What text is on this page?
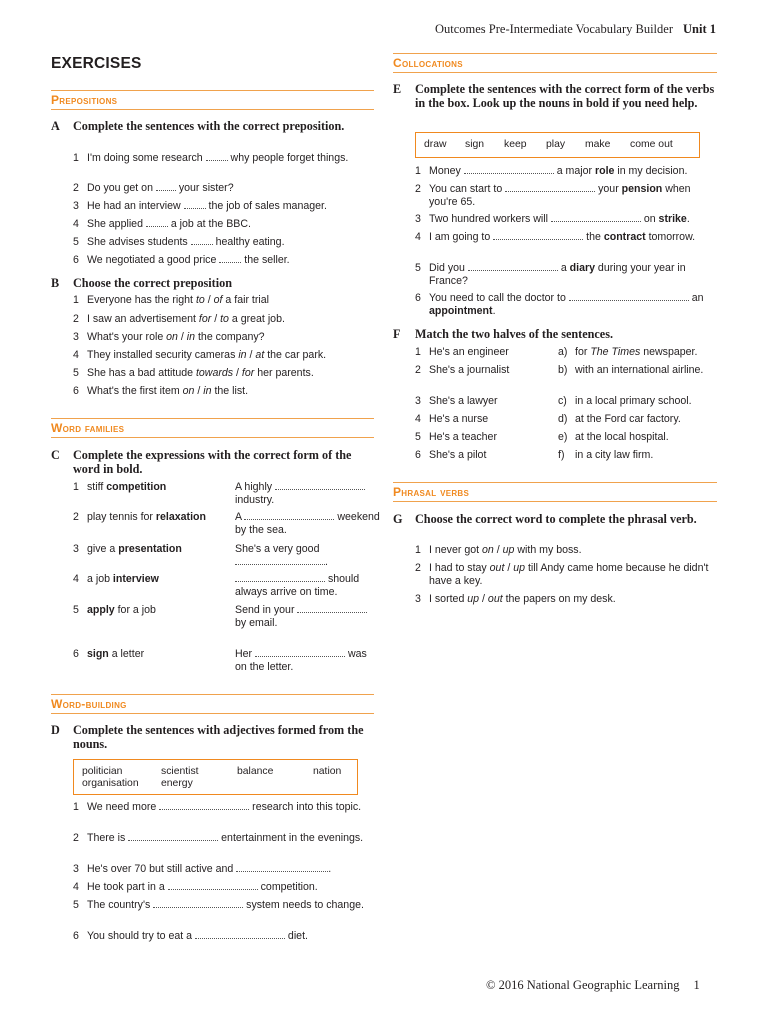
Outcomes Pre-Intermediate Vocabulary Builder Unit 1
EXERCISES
Prepositions
A	Complete the sentences with the correct preposition.
1 I'm doing some research  why people forget things.
2 Do you get on  your sister?
3 He had an interview  the job of sales manager.
4 She applied  a job at the BBC.
5 She advises students  healthy eating.
6 We negotiated a good price  the seller.
B	Choose the correct preposition
1 Everyone has the right to / of a fair trial
2 I saw an advertisement for / to a great job.
3 What's your role on / in the company?
4 They installed security cameras in / at the car park.
5 She has a bad attitude towards / for her parents.
6 What's the first item on / in the list.
Word families
C	Complete the expressions with the correct form of the word in bold.
1 stiff competition	A highly  industry.
2 play tennis for relaxation	A	weekend by the sea.
3 give a presentation	She's a very good .
4 a job interview	should always arrive on time.
5 apply for a job	Send in your  by email.
6 sign a letter	Her	was on the letter.
Word-building
D	Complete the sentences with adjectives formed from the nouns.
politician	scientist	balance	nation
organisation energy
1 We need more	research into this topic.
2 There is	entertainment in the evenings.
3 He's over 70 but still active and	.
4 He took part in a	competition.
5 The country's	system needs to change.
6 You should try to eat a	diet.
Collocations
E	Complete the sentences with the correct form of the verbs in the box. Look up the nouns in bold if you need help.
draw sign keep play make come out
1 Money	a major role in my decision.
2 You can start to	your pension when you're 65.
3 Two hundred workers will	on strike.
4 I am going to	the contract tomorrow.
5 Did you	a diary during your year in France?
6 You need to call the doctor to	an appointment.
F	Match the two halves of the sentences.
1 He's an engineer	a) for The Times newspaper.
2 She's a journalist	b) with an international airline.
3 She's a lawyer	c) in a local primary school.
4 He's a nurse	d) at the Ford car factory.
5 He's a teacher	e) at the local hospital.
6 She's a pilot	f) in a city law firm.
Phrasal verbs
G	Choose the correct word to complete the phrasal verb.
1 I never got on / up with my boss.
2 I had to stay out / up till Andy came home because he didn't have a key.
3 I sorted up / out the papers on my desk.
© 2016 National Geographic Learning 1
